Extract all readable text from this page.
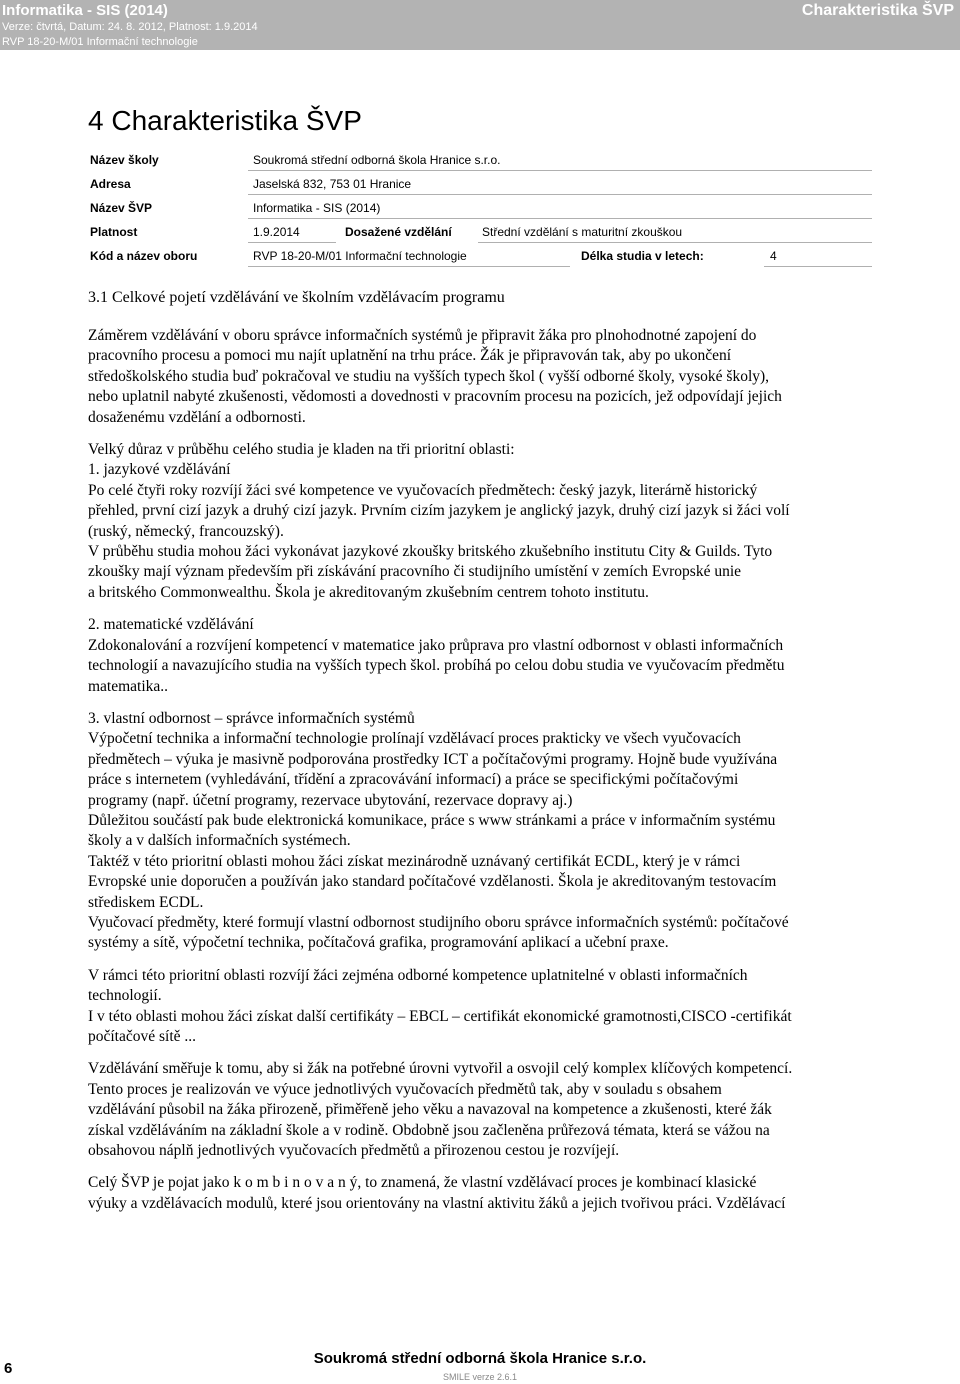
Informatika - SIS (2014)
Verze: čtvrtá, Datum: 24. 8. 2012, Platnost: 1.9.2014
RVP 18-20-M/01 Informační technologie
Charakteristika ŠVP
4 Charakteristika ŠVP
Název školy	Soukromá střední odborná škola Hranice s.r.o.
Adresa	Jaselská 832, 753 01 Hranice
Název ŠVP	Informatika - SIS (2014)
Platnost	1.9.2014	Dosažené vzdělání	Střední vzdělání s maturitní zkouškou
Kód a název oboru	RVP 18-20-M/01 Informační technologie	Délka studia v letech:	4
3.1 Celkové pojetí vzdělávání ve školním vzdělávacím programu
Záměrem vzdělávání v oboru správce informačních systémů je připravit žáka pro plnohodnotné zapojení do
pracovního procesu a pomoci mu najít uplatnění na trhu práce. Žák je připravován tak, aby po ukončení
středoškolského studia buď pokračoval ve studiu na vyšších typech škol ( vyšší odborné školy, vysoké školy),
nebo uplatnil nabyté zkušenosti, vědomosti a dovednosti v pracovním procesu na pozicích, jež odpovídají jejich
dosaženému vzdělání a odbornosti.
Velký důraz v průběhu celého studia je kladen na tři prioritní oblasti:
1. jazykové vzdělávání
Po celé čtyři roky rozvíjí žáci své kompetence ve vyučovacích předmětech: český jazyk, literárně historický
přehled, první cizí jazyk a druhý cizí jazyk. Prvním cizím jazykem je anglický jazyk, druhý cizí jazyk si žáci volí
(ruský, německý, francouzský).
V průběhu studia mohou žáci vykonávat jazykové zkoušky britského zkušebního institutu City & Guilds. Tyto
zkoušky mají význam především při získávání pracovního či studijního umístění v zemích Evropské unie
a britského Commonwealthu. Škola je akreditovaným zkušebním centrem tohoto institutu.
2. matematické vzdělávání
Zdokonalování a rozvíjení kompetencí v matematice jako průprava pro vlastní odbornost v oblasti informačních
technologií a navazujícího studia na vyšších typech škol. probíhá po celou dobu studia ve vyučovacím předmětu
matematika..
3. vlastní odbornost – správce informačních systémů
Výpočetní technika a informační technologie prolínají vzdělávací proces prakticky ve všech vyučovacích
předmětech – výuka je masivně podporována prostředky ICT a počítačovými programy. Hojně bude využívána
práce s internetem (vyhledávání, třídění a zpracovávání informací) a práce se specifickými počítačovými
programy (např. účetní programy, rezervace ubytování, rezervace dopravy aj.)
Důležitou součástí pak bude elektronická komunikace, práce s www stránkami a práce v informačním systému
školy a v dalších informačních systémech.
Taktéž v této prioritní oblasti mohou žáci získat mezinárodně uznávaný certifikát ECDL, který je v rámci
Evropské unie doporučen a používán jako standard počítačové vzdělanosti. Škola je akreditovaným testovacím
střediskem ECDL.
Vyučovací předměty, které formují vlastní odbornost studijního oboru správce informačních systémů: počítačové
systémy a sítě, výpočetní technika, počítačová grafika, programování aplikací a učební praxe.
V rámci této prioritní oblasti rozvíjí žáci zejména odborné kompetence uplatnitelné v oblasti informačních
technologií.
I v této oblasti mohou žáci získat další certifikáty – EBCL – certifikát ekonomické gramotnosti,CISCO -certifikát
počítačové sítě ...
Vzdělávání směřuje k tomu, aby si žák na potřebné úrovni vytvořil a osvojil celý komplex klíčových kompetencí.
Tento proces je realizován ve výuce jednotlivých vyučovacích předmětů tak, aby v souladu s obsahem
vzdělávání působil na žáka přirozeně, přiměřeně jeho věku a navazoval na kompetence a zkušenosti, které žák
získal vzděláváním na základní škole a v rodině. Obdobně jsou začleněna průřezová témata, která se vážou na
obsahovou náplň jednotlivých vyučovacích předmětů a přirozenou cestou je rozvíjejí.
Celý ŠVP je pojat jako k o m b i n o v a n ý, to znamená, že vlastní vzdělávací proces je kombinací klasické
výuky a vzdělávacích modulů, které jsou orientovány na vlastní aktivitu žáků a jejich tvořivou práci. Vzdělávací
6
Soukromá střední odborná škola Hranice s.r.o.
SMILE verze 2.6.1
